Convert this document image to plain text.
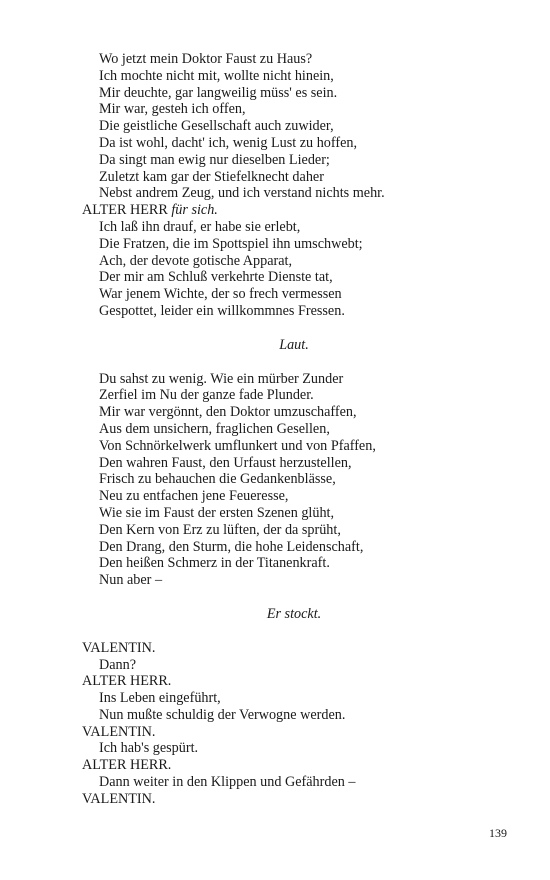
Wo jetzt mein Doktor Faust zu Haus?
Ich mochte nicht mit, wollte nicht hinein,
Mir deuchte, gar langweilig müss' es sein.
Mir war, gesteh ich offen,
Die geistliche Gesellschaft auch zuwider,
Da ist wohl, dacht' ich, wenig Lust zu hoffen,
Da singt man ewig nur dieselben Lieder;
Zuletzt kam gar der Stiefelknecht daher
Nebst andrem Zeug, und ich verstand nichts mehr.
ALTER HERR für sich.
Ich laß ihn drauf, er habe sie erlebt,
Die Fratzen, die im Spottspiel ihn umschwebt;
Ach, der devote gotische Apparat,
Der mir am Schluß verkehrte Dienste tat,
War jenem Wichte, der so frech vermessen
Gespottet, leider ein willkommnes Fressen.
Laut.
Du sahst zu wenig. Wie ein mürber Zunder
Zerfiel im Nu der ganze fade Plunder.
Mir war vergönnt, den Doktor umzuschaffen,
Aus dem unsichern, fraglichen Gesellen,
Von Schnörkelwerk umflunkert und von Pfaffen,
Den wahren Faust, den Urfaust herzustellen,
Frisch zu behauchen die Gedankenblässe,
Neu zu entfachen jene Feueresse,
Wie sie im Faust der ersten Szenen glüht,
Den Kern von Erz zu lüften, der da sprüht,
Den Drang, den Sturm, die hohe Leidenschaft,
Den heißen Schmerz in der Titanenkraft.
Nun aber –
Er stockt.
VALENTIN.
Dann?
ALTER HERR.
Ins Leben eingeführt,
Nun mußte schuldig der Verwogne werden.
VALENTIN.
Ich hab's gespürt.
ALTER HERR.
Dann weiter in den Klippen und Gefährden –
VALENTIN.
139
